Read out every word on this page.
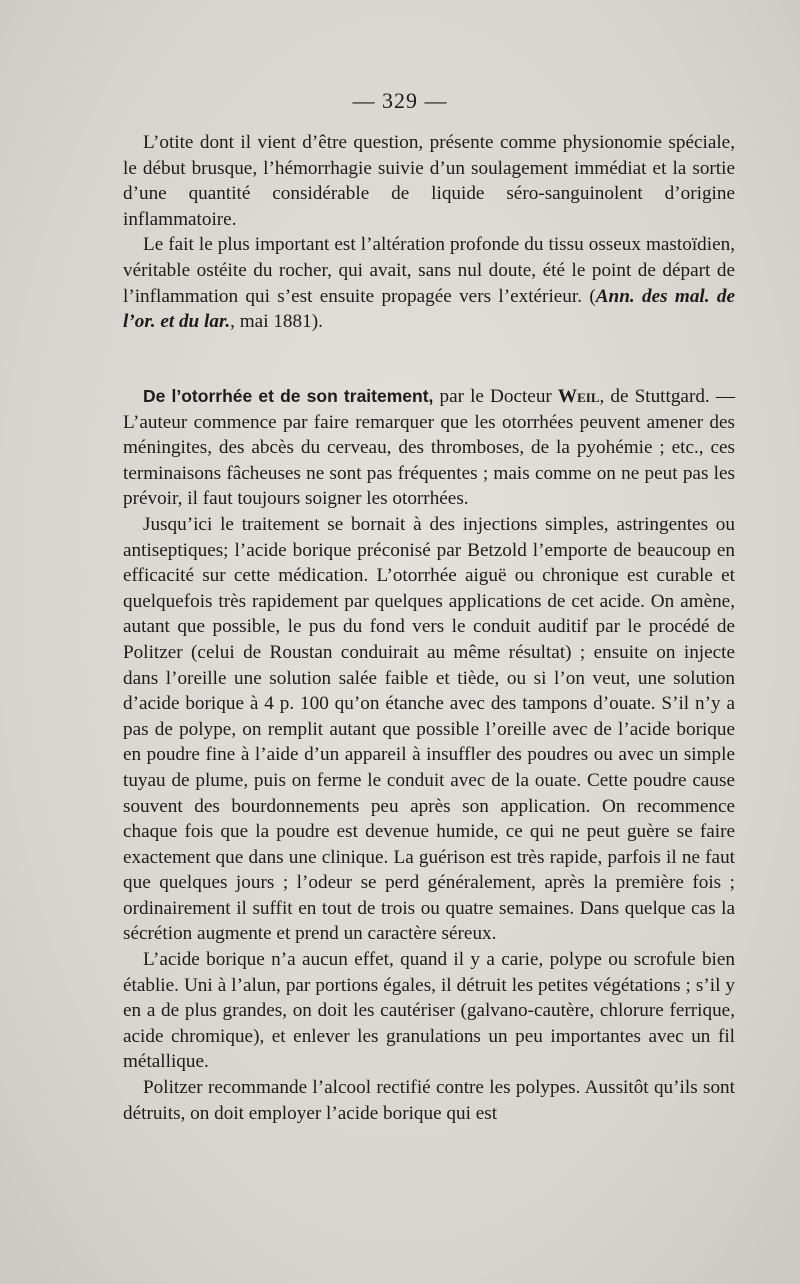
— 329 —

L’otite dont il vient d’être question, présente comme physionomie spéciale, le début brusque, l’hémorrhagie suivie d’un soulagement immédiat et la sortie d’une quantité considérable de liquide séro-sanguinolent d’origine inflammatoire.

Le fait le plus important est l’altération profonde du tissu osseux mastoïdien, véritable ostéite du rocher, qui avait, sans nul doute, été le point de départ de l’inflammation qui s’est ensuite propagée vers l’extérieur. (Ann. des mal. de l’or. et du lar., mai 1881).

De l’otorrhée et de son traitement, par le Docteur Weil, de Stuttgard. — L’auteur commence par faire remarquer que les otorrhées peuvent amener des méningites, des abcès du cerveau, des thromboses, de la pyohémie ; etc., ces terminaisons fâcheuses ne sont pas fréquentes ; mais comme on ne peut pas les prévoir, il faut toujours soigner les otorrhées.

Jusqu’ici le traitement se bornait à des injections simples, astringentes ou antiseptiques; l’acide borique préconisé par Betzold l’emporte de beaucoup en efficacité sur cette médication. L’otorrhée aiguë ou chronique est curable et quelquefois très rapidement par quelques applications de cet acide. On amène, autant que possible, le pus du fond vers le conduit auditif par le procédé de Politzer (celui de Roustan conduirait au même résultat) ; ensuite on injecte dans l’oreille une solution salée faible et tiède, ou si l’on veut, une solution d’acide borique à 4 p. 100 qu’on étanche avec des tampons d’ouate. S’il n’y a pas de polype, on remplit autant que possible l’oreille avec de l’acide borique en poudre fine à l’aide d’un appareil à insuffler des poudres ou avec un simple tuyau de plume, puis on ferme le conduit avec de la ouate. Cette poudre cause souvent des bourdonnements peu après son application. On recommence chaque fois que la poudre est devenue humide, ce qui ne peut guère se faire exactement que dans une clinique. La guérison est très rapide, parfois il ne faut que quelques jours ; l’odeur se perd généralement, après la première fois ; ordinairement il suffit en tout de trois ou quatre semaines. Dans quelque cas la sécrétion augmente et prend un caractère séreux.

L’acide borique n’a aucun effet, quand il y a carie, polype ou scrofule bien établie. Uni à l’alun, par portions égales, il détruit les petites végétations ; s’il y en a de plus grandes, on doit les cautériser (galvano-cautère, chlorure ferrique, acide chromique), et enlever les granulations un peu importantes avec un fil métallique.

Politzer recommande l’alcool rectifié contre les polypes. Aussitôt qu’ils sont détruits, on doit employer l’acide borique qui est
